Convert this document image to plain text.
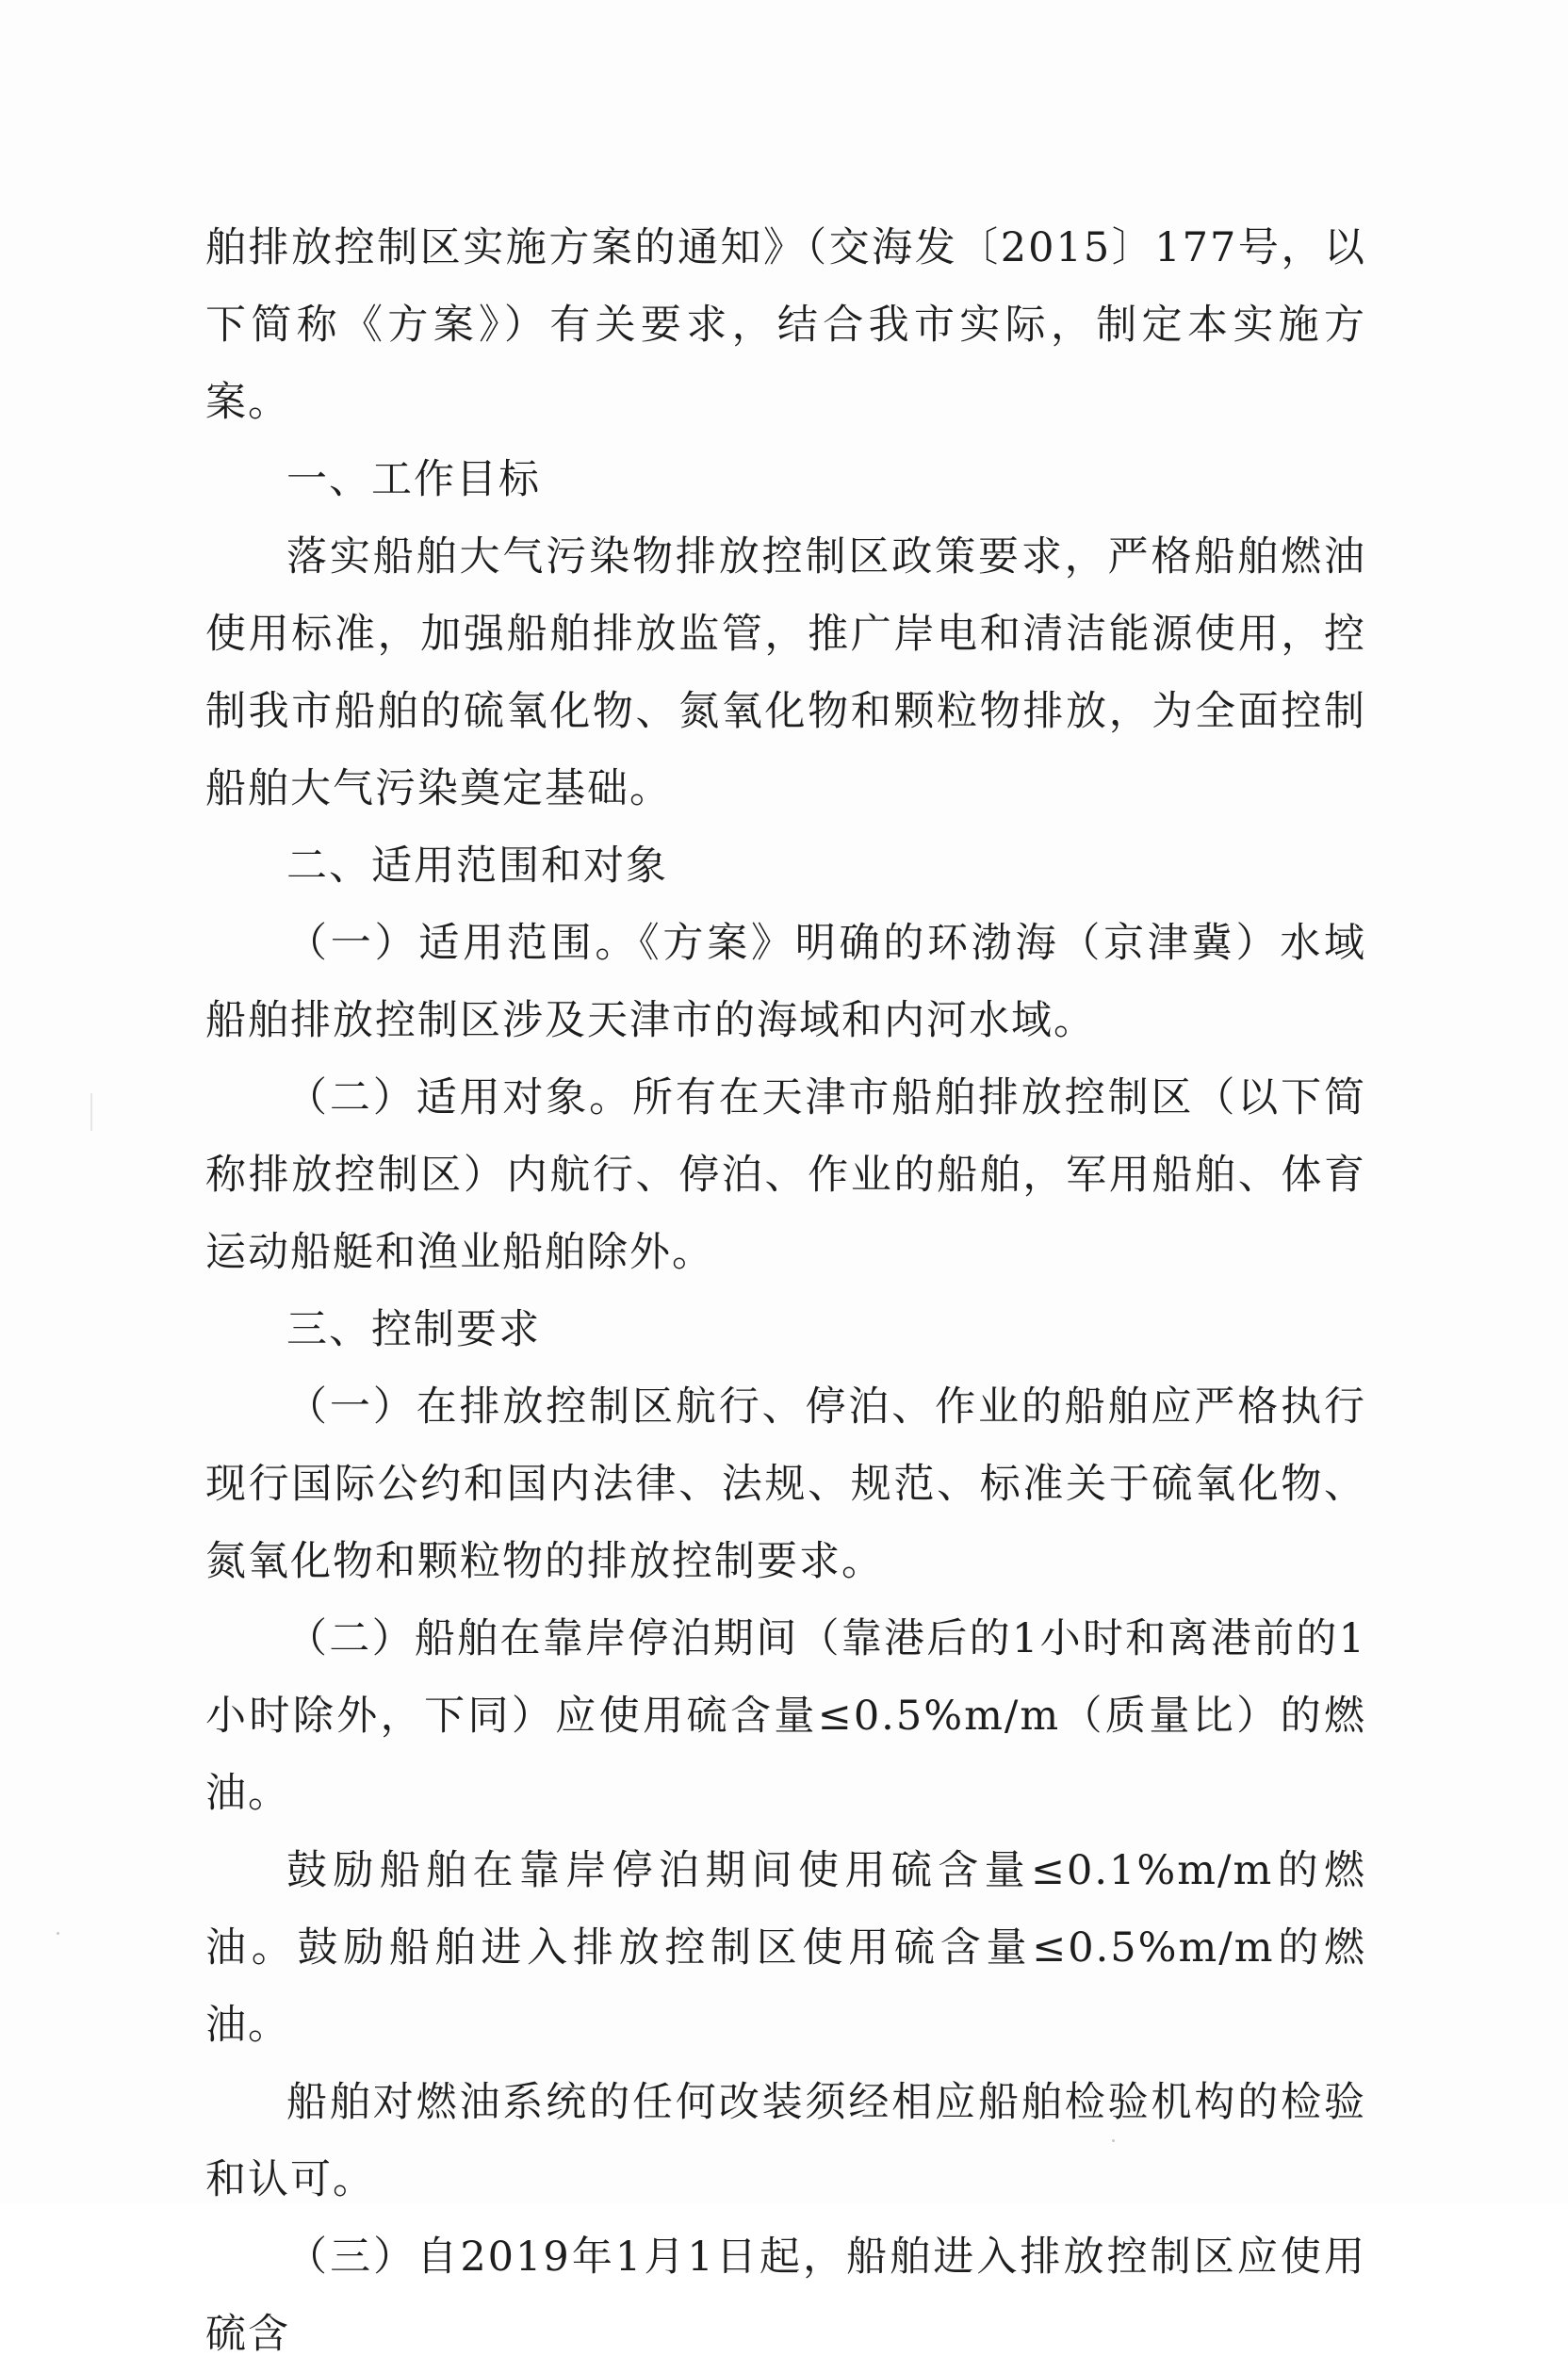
舶排放控制区实施方案的通知》（交海发〔2015〕177号，以下简称《方案》）有关要求，结合我市实际，制定本实施方案。

一、工作目标

落实船舶大气污染物排放控制区政策要求，严格船舶燃油使用标准，加强船舶排放监管，推广岸电和清洁能源使用，控制我市船舶的硫氧化物、氮氧化物和颗粒物排放，为全面控制船舶大气污染奠定基础。

二、适用范围和对象

（一）适用范围。《方案》明确的环渤海（京津冀）水域船舶排放控制区涉及天津市的海域和内河水域。

（二）适用对象。所有在天津市船舶排放控制区（以下简称排放控制区）内航行、停泊、作业的船舶，军用船舶、体育运动船艇和渔业船舶除外。

三、控制要求

（一）在排放控制区航行、停泊、作业的船舶应严格执行现行国际公约和国内法律、法规、规范、标准关于硫氧化物、氮氧化物和颗粒物的排放控制要求。

（二）船舶在靠岸停泊期间（靠港后的1小时和离港前的1小时除外，下同）应使用硫含量≤0.5%m/m（质量比）的燃油。

鼓励船舶在靠岸停泊期间使用硫含量≤0.1%m/m的燃油。鼓励船舶进入排放控制区使用硫含量≤0.5%m/m的燃油。

船舶对燃油系统的任何改装须经相应船舶检验机构的检验和认可。

（三）自2019年1月1日起，船舶进入排放控制区应使用硫含
